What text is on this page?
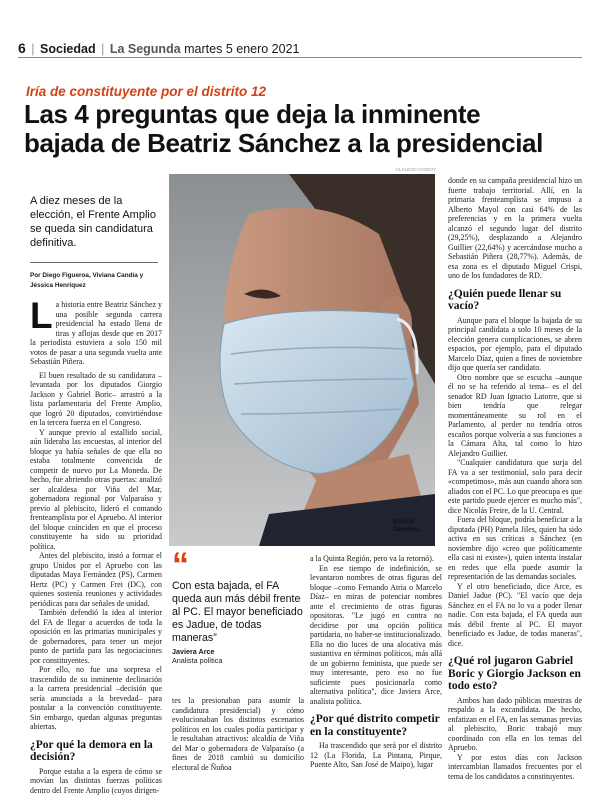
6 | Sociedad | La Segunda martes 5 enero 2021
Iría de constituyente por el distrito 12
Las 4 preguntas que deja la inminente
bajada de Beatriz Sánchez a la presidencial
CLAUDIO GODOY
Beatriz
Sánchez.
A diez meses de la elección, el Frente Amplio se queda sin candidatura definitiva.
Por Diego Figueroa, Viviana Candia y
Jéssica Henríquez

La historia entre Beatriz Sánchez y una posible segunda carrera presidencial ha estado llena de tiras y aflojas desde que en 2017 la periodista estuviera a solo 150 mil votos de pasar a una segunda vuelta ante Sebastián Piñera.

El buen resultado de su candidatura –levantada por los diputados Giorgio Jackson y Gabriel Boric– arrastró a la lista parlamentaria del Frente Amplio, que logró 20 diputados, convirtiéndose en la tercera fuerza en el Congreso.

Y aunque previo al estallido social, aún lideraba las encuestas, al interior del bloque ya había señales de que ella no estaba totalmente convencida de competir de nuevo por La Moneda. De hecho, fue abriendo otras puertas: analizó ser alcaldesa por Viña del Mar, gobernadora regional por Valparaíso y previo al plebiscito, lideró el comando frenteamplista por el Apruebo. Al interior del bloque coinciden en que el proceso constituyente ha sido su prioridad política.

Antes del plebiscito, instó a formar el grupo Unidos por el Apruebo con las diputadas Maya Fernández (PS), Carmen Hertz (PC) y Carmen Frei (DC), con quienes sostenía reuniones y actividades periódicas para dar señales de unidad.

También defendió la idea al interior del FA de llegar a acuerdos de toda la oposición en las primarias municipales y de gobernadores, para tener un mejor punto de partida para las negociaciones por constituyentes.

Por ello, no fue una sorpresa el trascendido de su inminente declinación a la carrera presidencial –decisión que sería anunciada a la brevedad– para postular a la convención constituyente. Sin embargo, quedan algunas preguntas abiertas.

¿Por qué la demora en la decisión?

Porque estaba a la espera de cómo se movían las distintas fuerzas políticas dentro del Frente Amplio (cuyos dirigen-

“
Con esta bajada, el FA queda aun más débil frente al PC. El mayor beneficiado es Jadue, de todas maneras”
Javiera Arce
Analista política

tes la presionaban para asumir la candidatura presidencial) y cómo evolucionaban los distintos escenarios políticos en los cuales podía participar y le resultaban atractivos: alcaldía de Viña del Mar o gobernadora de Valparaíso (a fines de 2018 cambió su domicilio electoral de Ñuñoa

a la Quinta Región, pero va la retornó).

En ese tiempo de indefinición, se levantaron nombres de otras figuras del bloque –como Fernando Atria o Marcelo Díaz– en miras de potenciar nombres ante el crecimiento de otras figuras opositoras. "Le jugó en contra no decidirse por una opción política partidaria, no haber-se institucionalizado. Ella no dio luces de una alocativa más sustantiva en términos políticos, más allá de un gobierno feminista, que puede ser muy interesante, pero eso no fue suficiente pues posicionarla como alternativa política", dice Javiera Arce, analista política.

¿Por qué distrito competir en la constituyente?

Ha trascendido que será por el distrito 12 (La Florida, La Pintana, Pirque, Puente Alto, San José de Maipo), lugar

donde en su campaña presidencial hizo un fuerte trabajo territorial. Allí, en la primaria frenteamplista se impuso a Alberto Mayol con casi 64% de las preferencias y en la primera vuelta alcanzó el segundo lugar del distrito (29,25%), desplazando a Alejandro Guillier (22,64%) y acercándose mucho a Sebastián Piñera (28,77%). Además, de esa zona es el diputado Miguel Crispi, uno de los fundadores de RD.

¿Quién puede llenar su vacío?

Aunque para el bloque la bajada de su principal candidata a solo 10 meses de la elección genera complicaciones, se abren espacios, por ejemplo, para el diputado Marcelo Díaz, quien a fines de noviembre dijo que quería ser candidato.

Otro nombre que se escucha –aunque él no se ha referido al tema– es el del senador RD Juan Ignacio Latorre, que si bien tendría que relegar momentáneamente su rol en el Parlamento, al perder no tendría otros escaños porque volvería a sus funciones a la Cámara Alta, tal como lo hizo Alejandro Guillier.

"Cualquier candidatura que surja del FA va a ser testimonial, solo para decir «competimos», más aun cuando ahora son aliados con el PC. Lo que preocupa es que este partido puede ejercer es mucho más", dice Nicolás Freire, de la U. Central.

Fuera del bloque, podría beneficiar a la diputada (PH) Pamela Jiles, quien ha sido activa en sus críticas a Sánchez (en noviembre dijo «creo que políticamente ella casi ni existe»), quien intenta instalar en redes que ella puede asumir la representación de las demandas sociales.

Y el otro beneficiado, dice Arce, es Daniel Jadue (PC). "El vacío que deja Sánchez en el FA no lo va a poder llenar nadie. Con esta bajada, el FA queda aun más débil frente al PC. El mayor beneficiado es Jadue, de todas maneras", dice.

¿Qué rol jugaron Gabriel Boric y Giorgio Jackson en todo esto?

Ambos han dado públicas muestras de respaldo a la excandidata. De hecho, enfatizan en el FA, en las semanas previas al plebiscito, Boric trabajó muy coordinado con ella en los temas del Apruebo.

Y por estos días con Jackson intercambian llamados frecuentes por el tema de los candidatos a constituyentes.
